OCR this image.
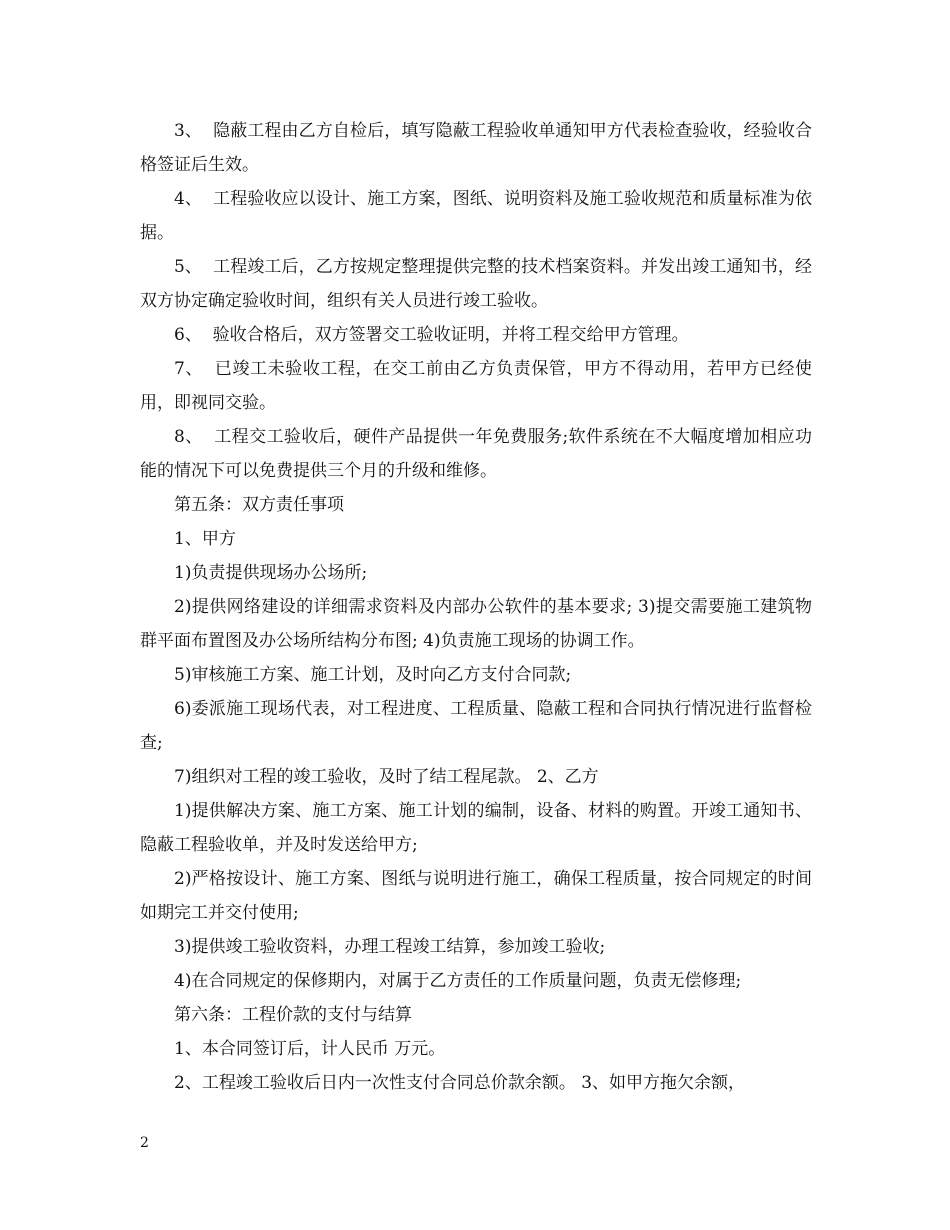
3、  隐蔽工程由乙方自检后，填写隐蔽工程验收单通知甲方代表检查验收，经验收合格签证后生效。

4、  工程验收应以设计、施工方案，图纸、说明资料及施工验收规范和质量标准为依据。

5、  工程竣工后，乙方按规定整理提供完整的技术档案资料。并发出竣工通知书，经双方协定确定验收时间，组织有关人员进行竣工验收。

6、  验收合格后，双方签署交工验收证明，并将工程交给甲方管理。

7、  已竣工未验收工程，在交工前由乙方负责保管，甲方不得动用，若甲方已经使用，即视同交验。

8、  工程交工验收后，硬件产品提供一年免费服务;软件系统在不大幅度增加相应功能的情况下可以免费提供三个月的升级和维修。

第五条：双方责任事项

1、甲方

1)负责提供现场办公场所;

2)提供网络建设的详细需求资料及内部办公软件的基本要求; 3)提交需要施工建筑物群平面布置图及办公场所结构分布图; 4)负责施工现场的协调工作。

5)审核施工方案、施工计划，及时向乙方支付合同款;

6)委派施工现场代表，对工程进度、工程质量、隐蔽工程和合同执行情况进行监督检查;

7)组织对工程的竣工验收，及时了结工程尾款。 2、乙方

1)提供解决方案、施工方案、施工计划的编制，设备、材料的购置。开竣工通知书、隐蔽工程验收单，并及时发送给甲方;

2)严格按设计、施工方案、图纸与说明进行施工，确保工程质量，按合同规定的时间如期完工并交付使用;

3)提供竣工验收资料，办理工程竣工结算，参加竣工验收;

4)在合同规定的保修期内，对属于乙方责任的工作质量问题，负责无偿修理;

第六条：工程价款的支付与结算

1、本合同签订后，计人民币 万元。

2、工程竣工验收后日内一次性支付合同总价款余额。 3、如甲方拖欠余额，

2
